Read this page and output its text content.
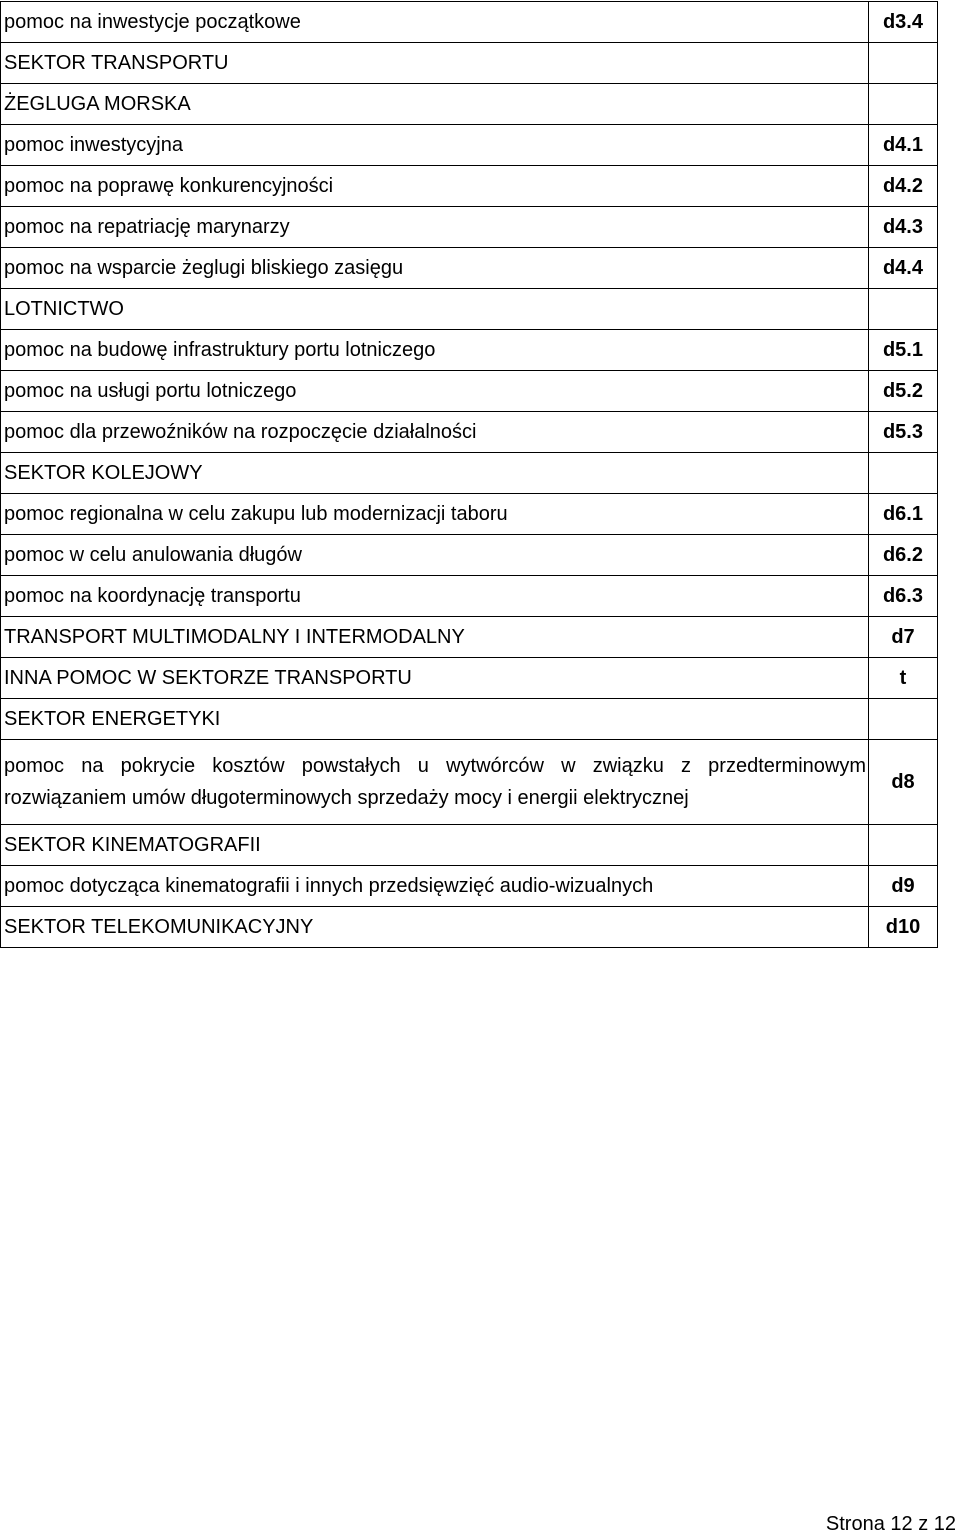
pomoc na inwestycje początkowe	d3.4
SEKTOR TRANSPORTU	
ŻEGLUGA MORSKA	
pomoc inwestycyjna	d4.1
pomoc na poprawę konkurencyjności	d4.2
pomoc na repatriację marynarzy	d4.3
pomoc na wsparcie żeglugi bliskiego zasięgu	d4.4
LOTNICTWO	
pomoc na budowę infrastruktury portu lotniczego	d5.1
pomoc na usługi portu lotniczego	d5.2
pomoc dla przewoźników na rozpoczęcie działalności	d5.3
SEKTOR KOLEJOWY	
pomoc regionalna w celu zakupu lub modernizacji taboru	d6.1
pomoc w celu anulowania długów	d6.2
pomoc na koordynację transportu	d6.3
TRANSPORT MULTIMODALNY I INTERMODALNY	d7
INNA POMOC W SEKTORZE TRANSPORTU	t
SEKTOR ENERGETYKI	
pomoc na pokrycie kosztów powstałych u wytwórców w związku z przedterminowym rozwiązaniem umów długoterminowych sprzedaży mocy i energii elektrycznej	d8
SEKTOR KINEMATOGRAFII	
pomoc dotycząca kinematografii i innych przedsięwzięć audio-wizualnych	d9
SEKTOR TELEKOMUNIKACYJNY	d10
Strona 12 z 12
